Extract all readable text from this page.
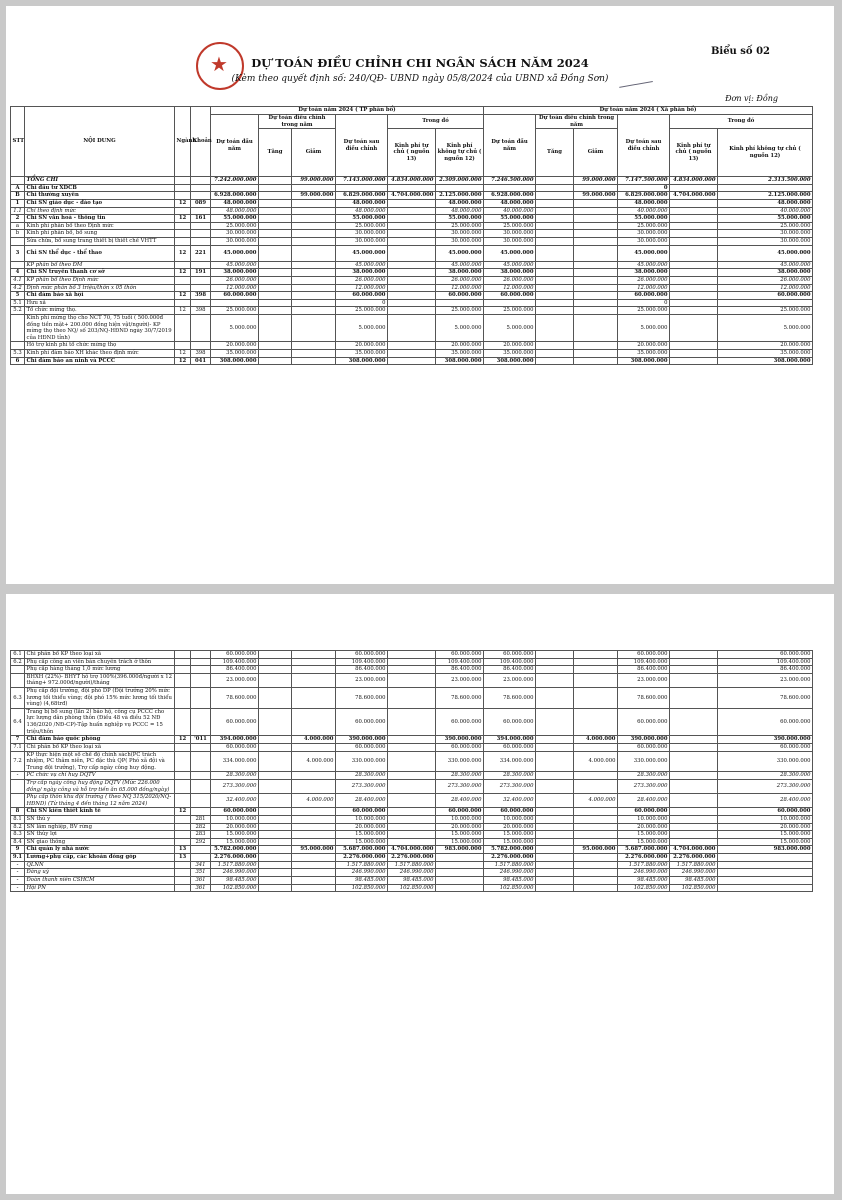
★
Biểu số 02
DỰ TOÁN ĐIỀU CHỈNH CHI NGÂN SÁCH NĂM 2024
(Kèm theo quyết định số: 240/QĐ- UBND ngày 05/8/2024 của UBND xã Đồng Sơn)
Đơn vị: Đồng
STT	NỘI DUNG	Ngành	Khoản	Dự toán năm 2024 ( TP phân bổ)						Dự toán năm 2024 ( Xã phân bổ)					
				Dự toán đầu năm	Dự toán điều chỉnh trong năm		Dự toán sau điều chỉnh	Trong đó		Dự toán đầu năm	Dự toán điều chỉnh trong năm		Dự toán sau điều chỉnh	Trong đó	
					Tăng	Giảm		Kinh phí tự chủ ( nguồn 13)	Kinh phí không tự chủ ( nguồn 12)		Tăng	Giảm		Kinh phí tự chủ ( nguồn 13)	Kinh phí không tự chủ ( nguồn 12)

	TỔNG CHI			7.242.000.000		99.000.000	7.143.000.000	4.834.000.000	2.309.000.000	7.246.500.000		99.000.000	7.147.500.000	4.834.000.000	2.313.500.000
A	Chi đầu tư XDCB												0		
B	Chi thường xuyên			6.928.000.000		99.000.000	6.829.000.000	4.704.000.000	2.125.000.000	6.928.000.000		99.000.000	6.829.000.000	4.704.000.000	2.125.000.000
1	Chi SN giáo dục - đào tạo	12	089	48.000.000			48.000.000		48.000.000	48.000.000			48.000.000		48.000.000
1.1	Chi theo định mức			48.000.000			48.000.000		48.000.000	40.000.000			40.000.000		40.000.000
2	Chi SN văn hoá - thông tin	12	161	55.000.000			55.000.000		55.000.000	55.000.000			55.000.000		55.000.000
a	Kinh phí phân bổ theo Định mức			25.000.000			25.000.000		25.000.000	25.000.000			25.000.000		25.000.000
b	Kinh phí phân bổ, bổ sung			30.000.000			30.000.000		30.000.000	30.000.000			30.000.000		30.000.000
	Sửa chữa, bổ sung trang thiết bị thiết chế VHTT			30.000.000			30.000.000		30.000.000	30.000.000			30.000.000		30.000.000
3	Chi SN thể dục - thể thao	12	221	45.000.000			45.000.000		45.000.000	45.000.000			45.000.000		45.000.000
	KP phân bổ theo ĐM			45.000.000			45.000.000		45.000.000	45.000.000			45.000.000		45.000.000
4	Chi SN truyền thanh cơ sở	12	191	38.000.000			38.000.000		38.000.000	38.000.000			38.000.000		38.000.000
4.1	KP phân bổ theo Định mức			26.000.000			26.000.000		26.000.000	26.000.000			26.000.000		26.000.000
4.2	Định mức phân bổ 3 triệu/thôn x 05 thôn			12.000.000			12.000.000		12.000.000	12.000.000			12.000.000		12.000.000
5	Chi đảm bảo xã hội	12	398	60.000.000			60.000.000		60.000.000	60.000.000			60.000.000		60.000.000
5.1	Hưu xã						0						0		
5.2	Tổ chức mừng thọ.	12	398	25.000.000			25.000.000		25.000.000	25.000.000			25.000.000		25.000.000
	Kinh phí mừng thọ cho NCT 70, 75 tuổi ( 500.000đ đồng tiền mặt+ 200.000 đồng hiện vật/người)- KP mừng thọ theo NQ/ số 203/NQ-HĐND ngày 30/7/2019 của HĐND tỉnh)			5.000.000			5.000.000		5.000.000	5.000.000			5.000.000		5.000.000
	Hỗ trợ kinh phí tổ chức mừng thọ			20.000.000			20.000.000		20.000.000	20.000.000			20.000.000		20.000.000
5.3	Kinh phí đảm bảo XH khác theo định mức	12	398	35.000.000			35.000.000		35.000.000	35.000.000			35.000.000		35.000.000
6	Chi đảm bảo an ninh và PCCC	12	041	308.000.000			308.000.000		308.000.000	308.000.000			308.000.000		308.000.000
6.1	Chi phân bổ KP theo loại xã			60.000.000			60.000.000		60.000.000	60.000.000			60.000.000		60.000.000
6.2	Phụ cấp công an viên bán chuyên trách ở thôn			109.400.000			109.400.000		109.400.000	109.400.000			109.400.000		109.400.000
	Phụ cấp hàng tháng 1,0 mức lương			86.400.000			86.400.000		86.400.000	86.400.000			86.400.000		86.400.000
	BHXH (22%)- BHYT hỗ trợ 100%(396.000đ/người x 12 tháng+ 972.000đ/người)/tháng			23.000.000			23.000.000		23.000.000	23.000.000			23.000.000		23.000.000
6.3	Phụ cấp đội trưởng, đội phó DP (Đội trưởng 20% mức lương tối thiểu vùng; đội phó 15% mức lương tối thiểu vùng) (4,68trđ)			78.600.000			78.600.000		78.600.000	78.600.000			78.600.000		78.600.000
6.4	Trang bị bổ sung (lần 2) bảo hộ, công cụ PCCC cho lực lượng dân phòng thôn (Điều 48 và điều 52 NĐ 136/2020 /NĐ-CP)-Tập huấn nghiệp vụ PCCC = 15 triệu/thôn			60.000.000			60.000.000		60.000.000	60.000.000			60.000.000		60.000.000
7	Chi đảm bảo quốc phòng	12	'011	394.000.000		4.000.000	390.000.000		390.000.000	394.000.000		4.000.000	390.000.000		390.000.000
7.1	Chi phân bổ KP theo loại xã			60.000.000			60.000.000		60.000.000	60.000.000			60.000.000		60.000.000
7.2	KP thực hiện một số chế độ chính sách(PC trách nhiệm, PC thâm niên, PC đặc thù QP( Phó xã đội và Trung đội trưởng), Trợ cấp ngày công huy động.			334.000.000		4.000.000	330.000.000		330.000.000	334.000.000		4.000.000	330.000.000		330.000.000
-	PC chức vụ chỉ huy DQTV			28.300.000			28.300.000		28.300.000	28.300.000			28.300.000		28.300.000
	Trợ cấp ngày công huy động DQTV (Mức 226.000 đồng/ ngày công và hỗ trợ tiền ăn 65.000 đồng/ngày)			273.300.000			273.300.000		273.300.000	273.300.000			273.300.000		273.300.000
	Phụ cấp thôn khu đội trưởng ( theo NQ 315/2020/NQ-HĐND) (Từ tháng 4 đến tháng 12 năm 2024)			32.400.000		4.000.000	28.400.000		28.400.000	32.400.000		4.000.000	28.400.000		28.400.000
8	Chi SN kiến thiết kinh tế	12		60.000.000			60.000.000		60.000.000	60.000.000			60.000.000		60.000.000
8.1	SN thú y		281	10.000.000			10.000.000		10.000.000	10.000.000			10.000.000		10.000.000
8.2	SN lâm nghiệp, BV rừng		282	20.000.000			20.000.000		20.000.000	20.000.000			20.000.000		20.000.000
8.3	SN thủy lợi		283	15.000.000			15.000.000		15.000.000	15.000.000			15.000.000		15.000.000
8.4	SN giao thông		292	15.000.000			15.000.000		15.000.000	15.000.000			15.000.000		15.000.000
9	Chi quản lý nhà nước	13		5.782.000.000		95.000.000	5.687.000.000	4.704.000.000	983.000.000	5.782.000.000		95.000.000	5.687.000.000	4.704.000.000	983.000.000
9.1	Lương+phụ cấp, các khoản đóng góp	13		2.276.000.000			2.276.000.000	2.276.000.000		2.276.000.000			2.276.000.000	2.276.000.000	
-	QLNN		341	1.517.880.000			1.517.880.000	1.517.880.000		1.517.880.000			1.517.880.000	1.517.880.000	
-	Đảng uỷ		351	246.990.000			246.990.000	246.990.000		246.990.000			246.990.000	246.990.000	
-	Đoàn thanh niên CSHCM		361	98.485.000			98.485.000	98.485.000		98.485.000			98.485.000	98.485.000	
-	Hội PN		361	102.850.000			102.850.000	102.850.000		102.850.000			102.850.000	102.850.000	
